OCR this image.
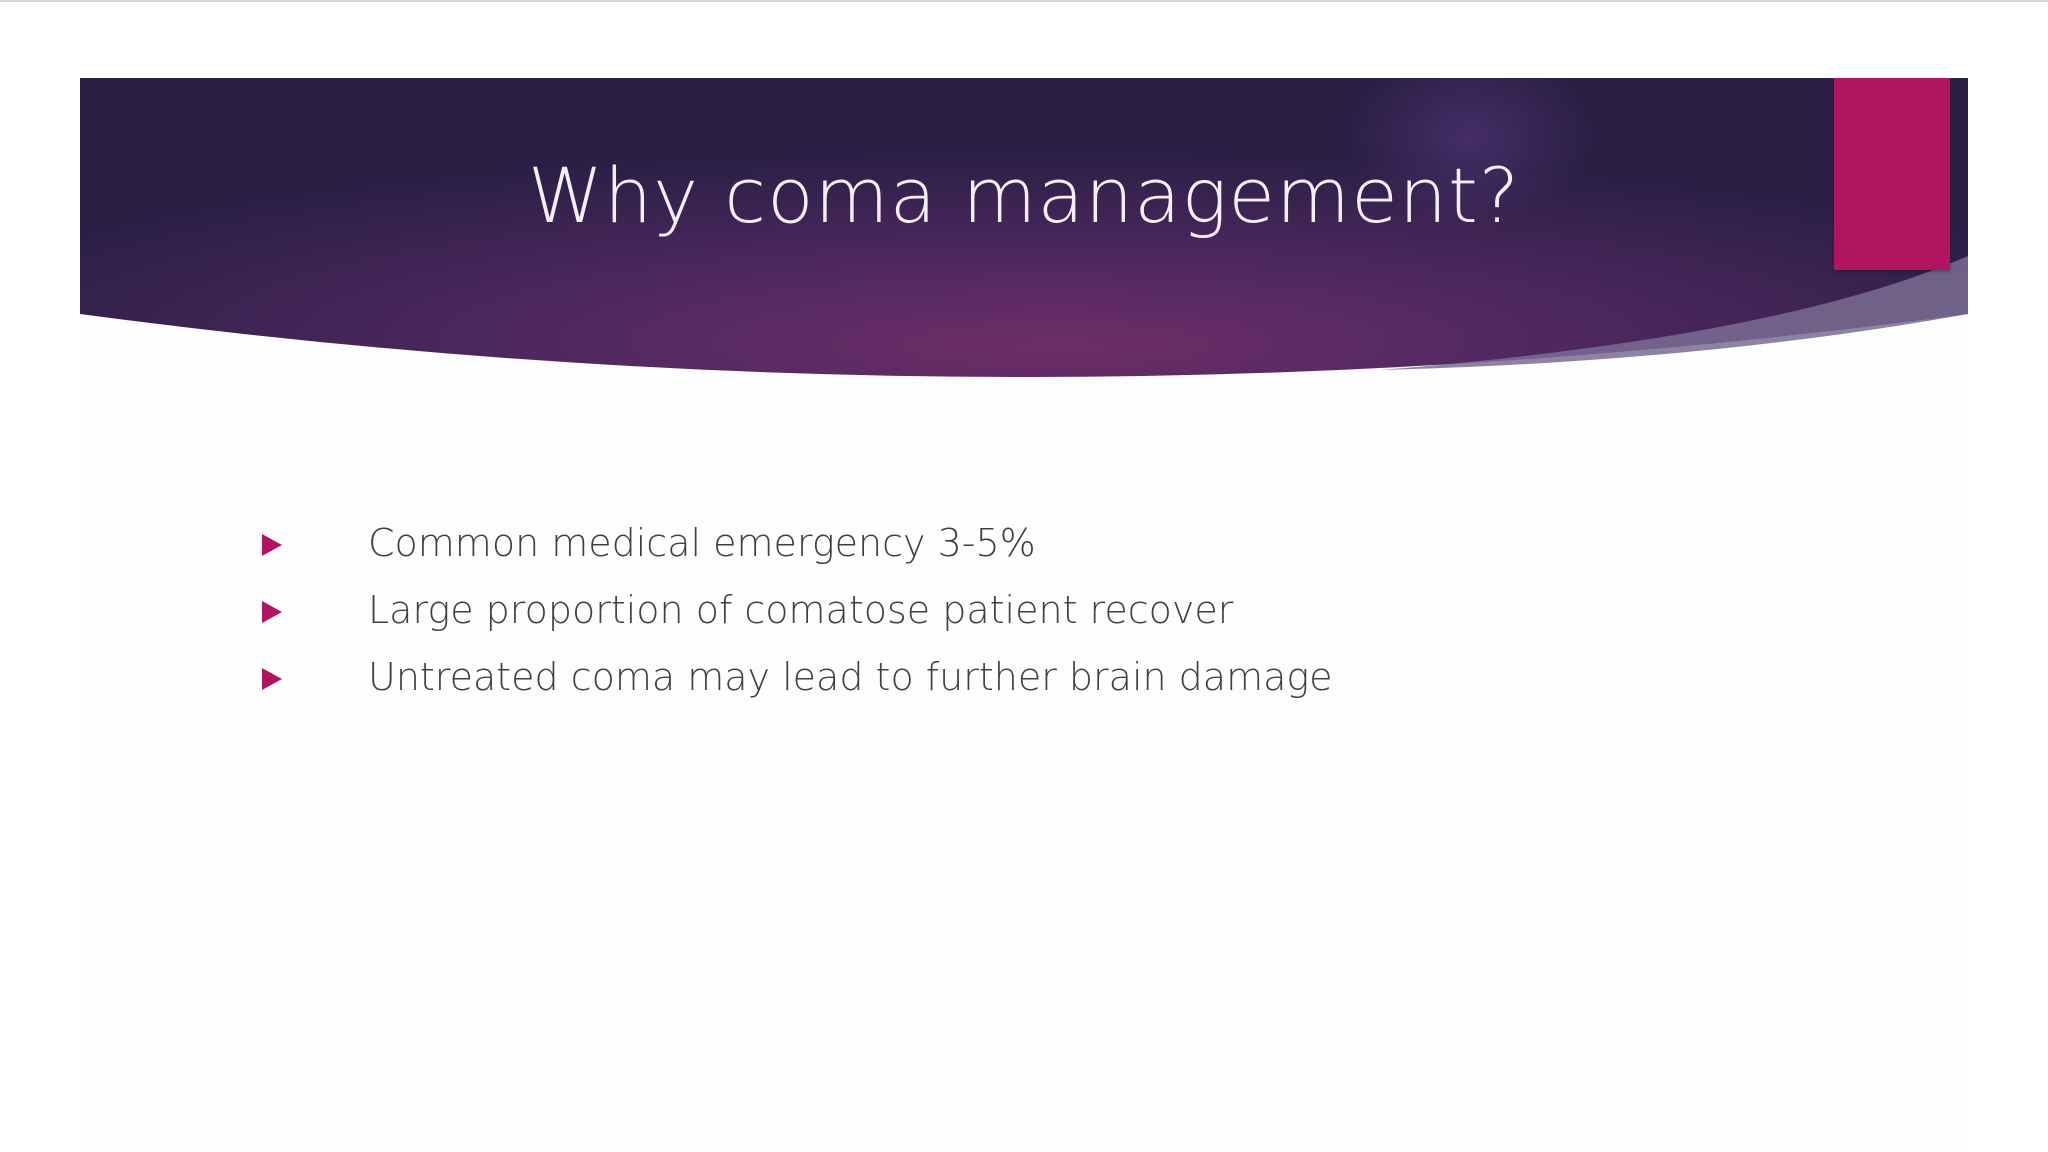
Why coma management?
Common medical emergency 3-5%
Large proportion of comatose patient recover
Untreated coma may lead to further brain damage
